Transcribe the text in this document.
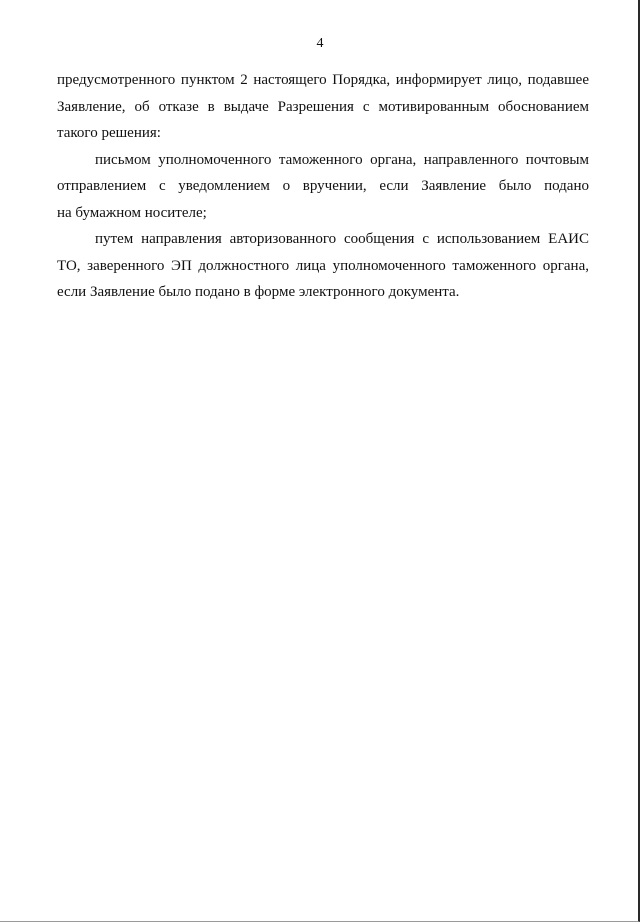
4

предусмотренного пунктом 2 настоящего Порядка, информирует лицо, подавшее
Заявление, об отказе в выдаче Разрешения с мотивированным обоснованием
такого решения:

письмом уполномоченного таможенного органа, направленного почтовым
отправлением с уведомлением о вручении, если Заявление было подано
на бумажном носителе;

путем направления авторизованного сообщения с использованием ЕАИС
ТО, заверенного ЭП должностного лица уполномоченного таможенного органа,
если Заявление было подано в форме электронного документа.
